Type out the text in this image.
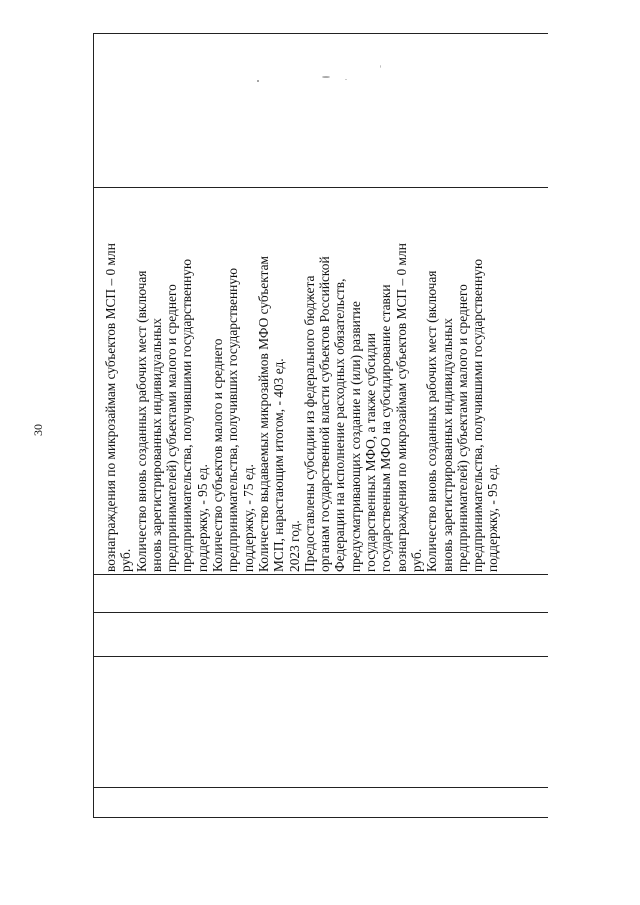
30	вознаграждения по микрозаймам субъектов МСП – 0 млн руб. Количество вновь созданных рабочих мест (включая вновь зарегистрированных индивидуальных предпринимателей) субъектами малого и среднего предпринимательства, получившими государственную поддержку, - 95 ед. Количество субъектов малого и среднего предпринимательства, получивших государственную поддержку, - 75 ед. Количество выдаваемых микрозаймов МФО субъектам МСП, нарастающим итогом, - 403 ед. 2023 год. Предоставлены субсидии из федерального бюджета органам государственной власти субъектов Российской Федерации на исполнение расходных обязательств, предусматривающих создание и (или) развитие государственных МФО, а также субсидии государственным МФО на субсидирование ставки вознаграждения по микрозаймам субъектов МСП – 0 млн руб. Количество вновь созданных рабочих мест (включая вновь зарегистрированных индивидуальных предпринимателей) субъектами малого и среднего предпринимательства, получившими государственную поддержку, - 95 ед.
